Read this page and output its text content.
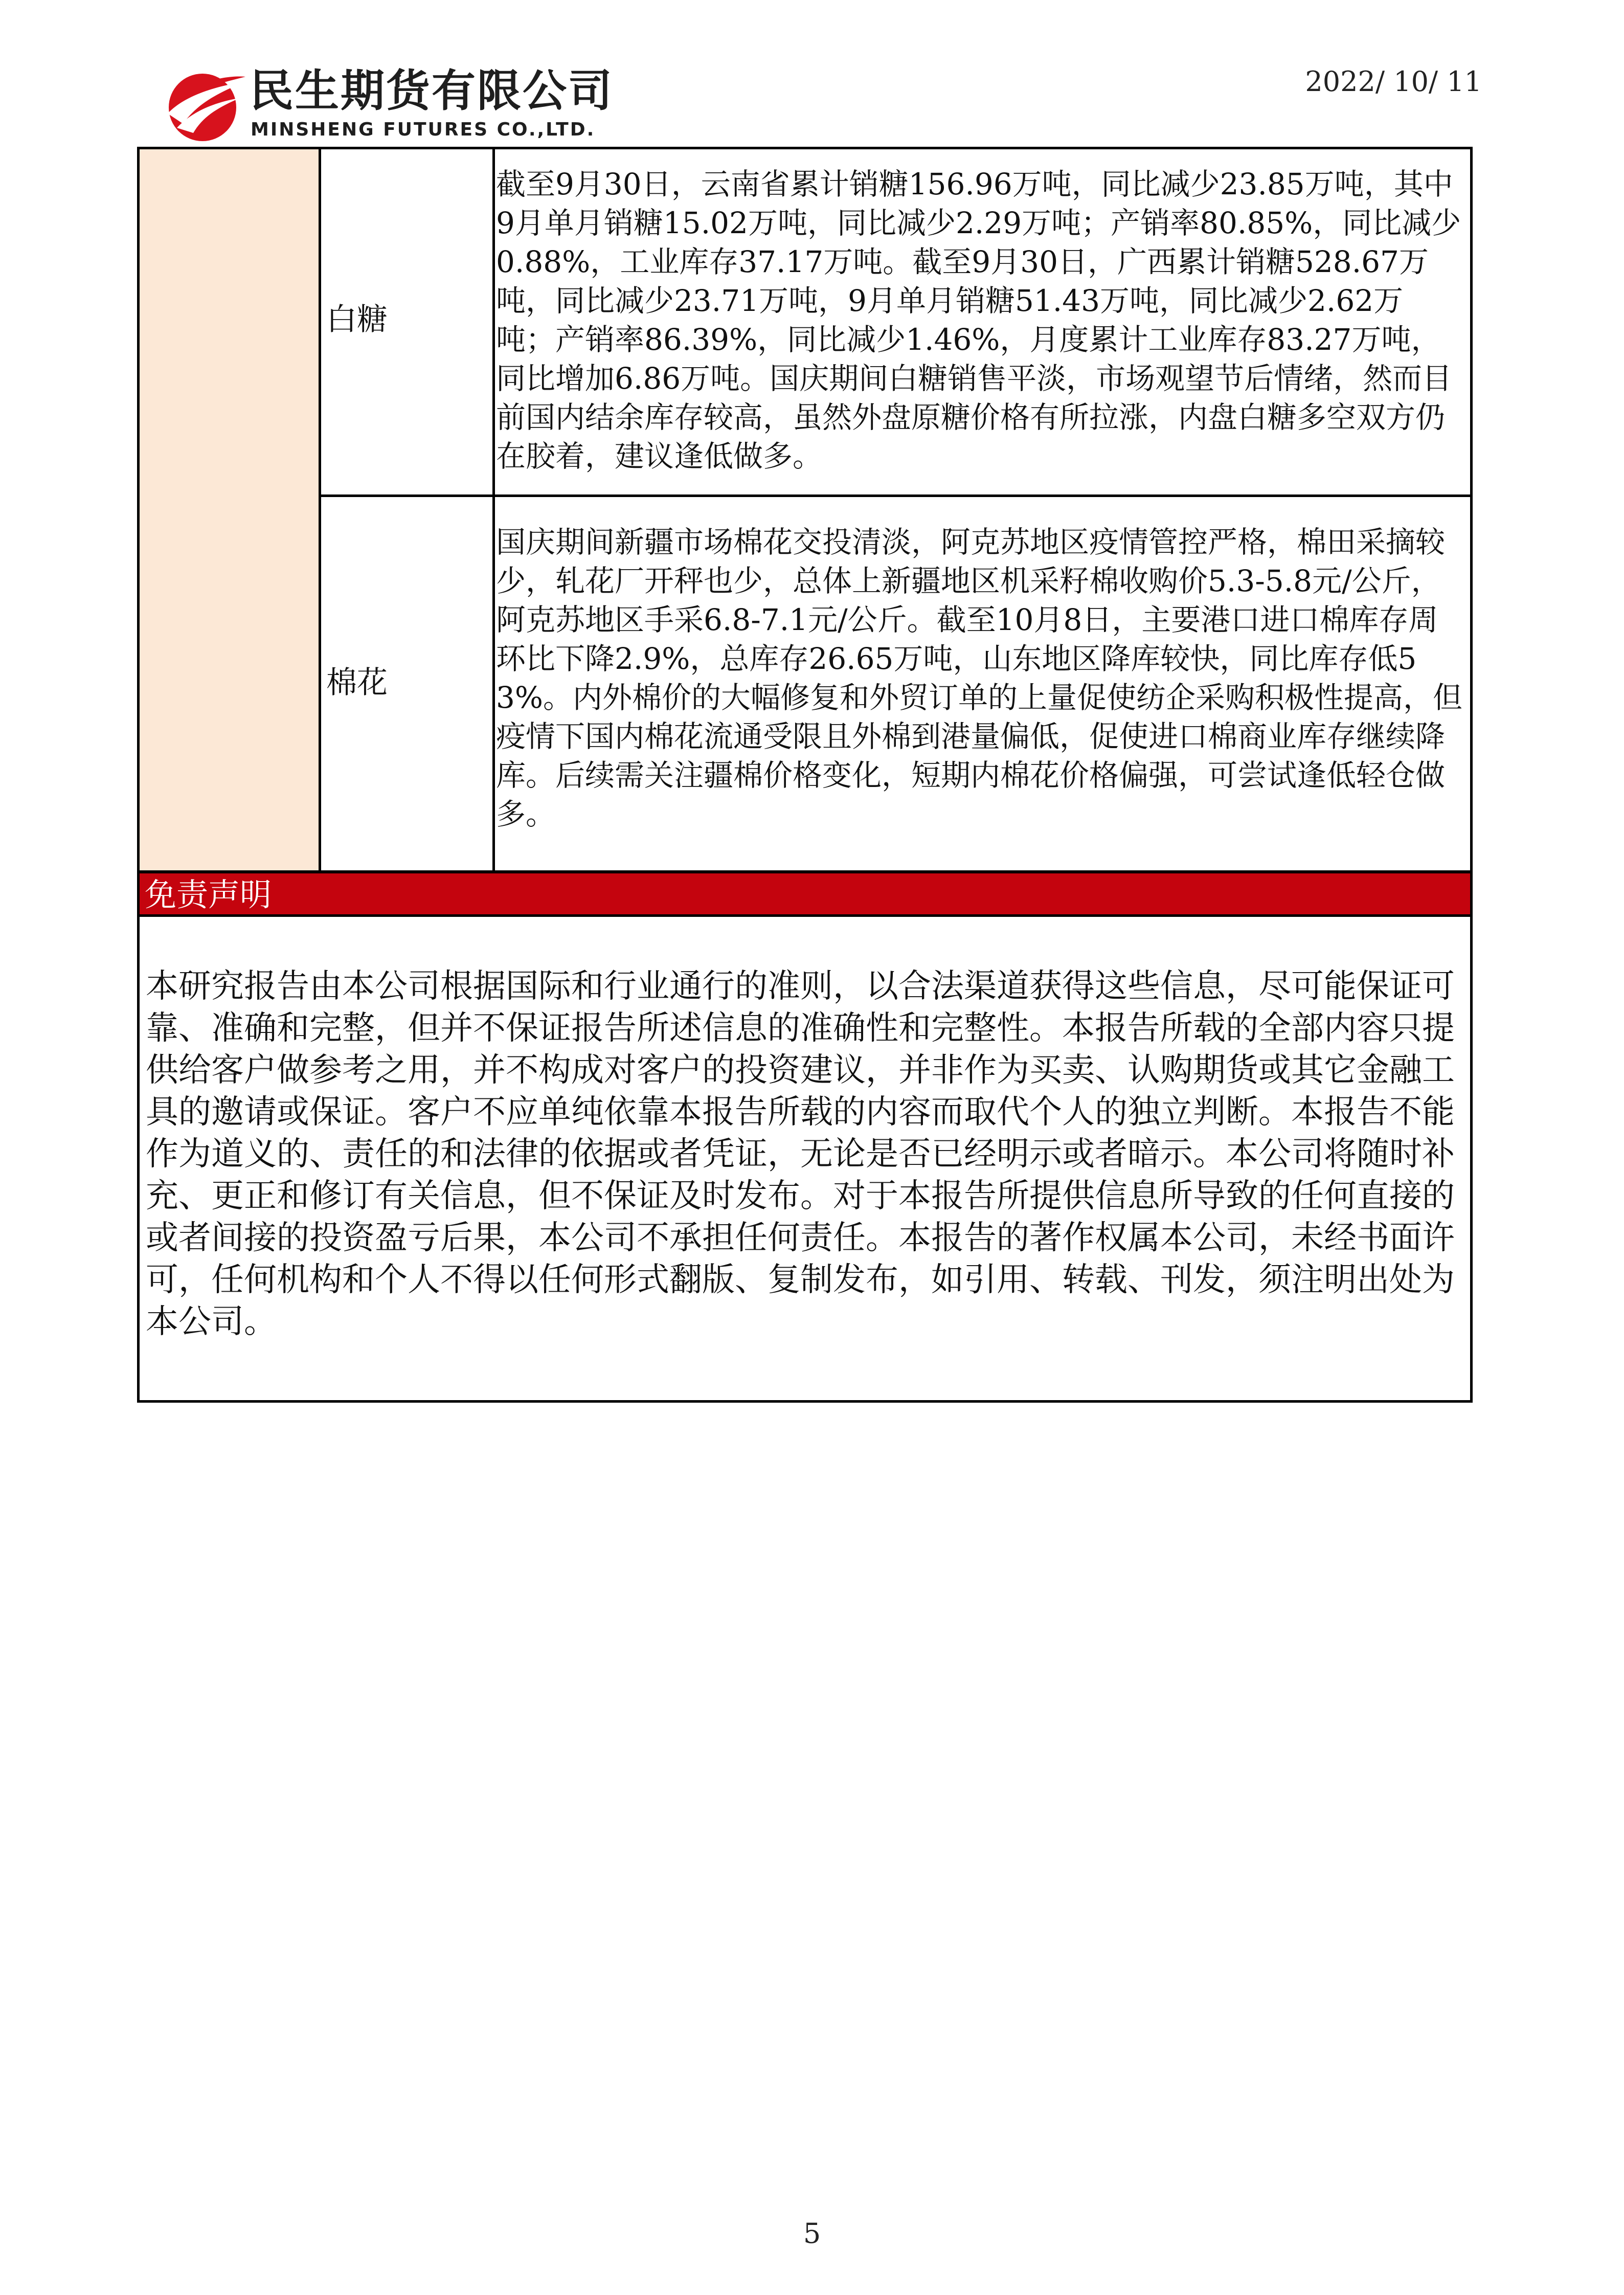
民生期货有限公司
MINSHENG FUTURES CO.,LTD.
2022/ 10/ 11
白糖
截至9月30日，云南省累计销糖156.96万吨，同比减少23.85万吨，其中9月单月销糖15.02万吨，同比减少2.29万吨；产销率80.85%，同比减少0.88%，工业库存37.17万吨。截至9月30日，广西累计销糖528.67万吨，同比减少23.71万吨，9月单月销糖51.43万吨，同比减少2.62万吨；产销率86.39%，同比减少1.46%，月度累计工业库存83.27万吨，同比增加6.86万吨。国庆期间白糖销售平淡，市场观望节后情绪，然而目前国内结余库存较高，虽然外盘原糖价格有所拉涨，内盘白糖多空双方仍在胶着，建议逢低做多。
棉花
国庆期间新疆市场棉花交投清淡，阿克苏地区疫情管控严格，棉田采摘较少，轧花厂开秤也少，总体上新疆地区机采籽棉收购价5.3-5.8元/公斤，阿克苏地区手采6.8-7.1元/公斤。截至10月8日，主要港口进口棉库存周环比下降2.9%，总库存26.65万吨，山东地区降库较快，同比库存低53%。内外棉价的大幅修复和外贸订单的上量促使纺企采购积极性提高，但疫情下国内棉花流通受限且外棉到港量偏低，促使进口棉商业库存继续降库。后续需关注疆棉价格变化，短期内棉花价格偏强，可尝试逢低轻仓做多。
免责声明
本研究报告由本公司根据国际和行业通行的准则，以合法渠道获得这些信息，尽可能保证可靠、准确和完整，但并不保证报告所述信息的准确性和完整性。本报告所载的全部内容只提供给客户做参考之用，并不构成对客户的投资建议，并非作为买卖、认购期货或其它金融工具的邀请或保证。客户不应单纯依靠本报告所载的内容而取代个人的独立判断。本报告不能作为道义的、责任的和法律的依据或者凭证，无论是否已经明示或者暗示。本公司将随时补充、更正和修订有关信息，但不保证及时发布。对于本报告所提供信息所导致的任何直接的或者间接的投资盈亏后果，本公司不承担任何责任。本报告的著作权属本公司，未经书面许可，任何机构和个人不得以任何形式翻版、复制发布，如引用、转载、刊发，须注明出处为本公司。
5
